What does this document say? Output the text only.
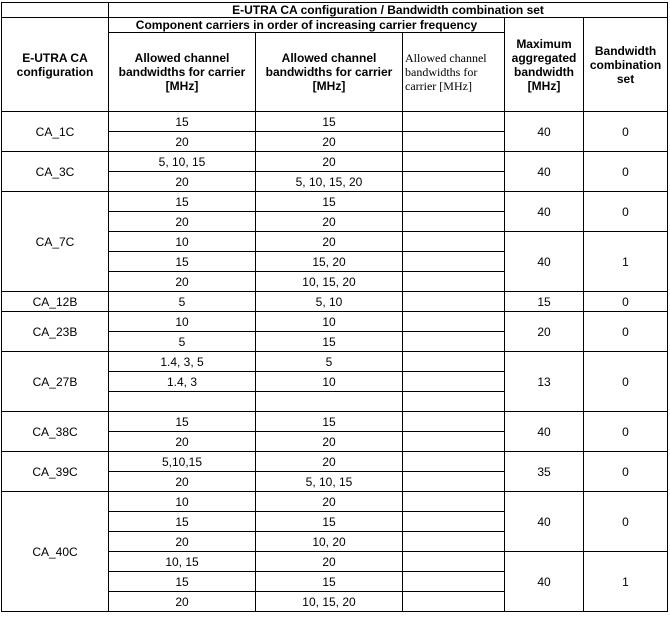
	E-UTRA CA configuration / Bandwidth combination set				
E-UTRA CA configuration	Component carriers in order of increasing carrier frequency			Maximum aggregated bandwidth [MHz]	Bandwidth combination set
	Allowed channel bandwidths for carrier [MHz]	Allowed channel bandwidths for carrier [MHz]	Allowed channel bandwidths for carrier [MHz]		
CA_1C	15	15		40	0
	20	20			
CA_3C	5, 10, 15	20		40	0
	20	5, 10, 15, 20			
CA_7C	15	15		40	0
	20	20			
	10	20		40	1
	15	15, 20			
	20	10, 15, 20			
CA_12B	5	5, 10		15	0
CA_23B	10	10		20	0
	5	15			
CA_27B	1.4, 3, 5	5		13	0
	1.4, 3	10			

CA_38C	15	15		40	0
	20	20			
CA_39C	5,10,15	20		35	0
	20	5, 10, 15			
CA_40C	10	20		40	0
	15	15			
	20	10, 20			
	10, 15	20		40	1
	15	15			
	20	10, 15, 20			
